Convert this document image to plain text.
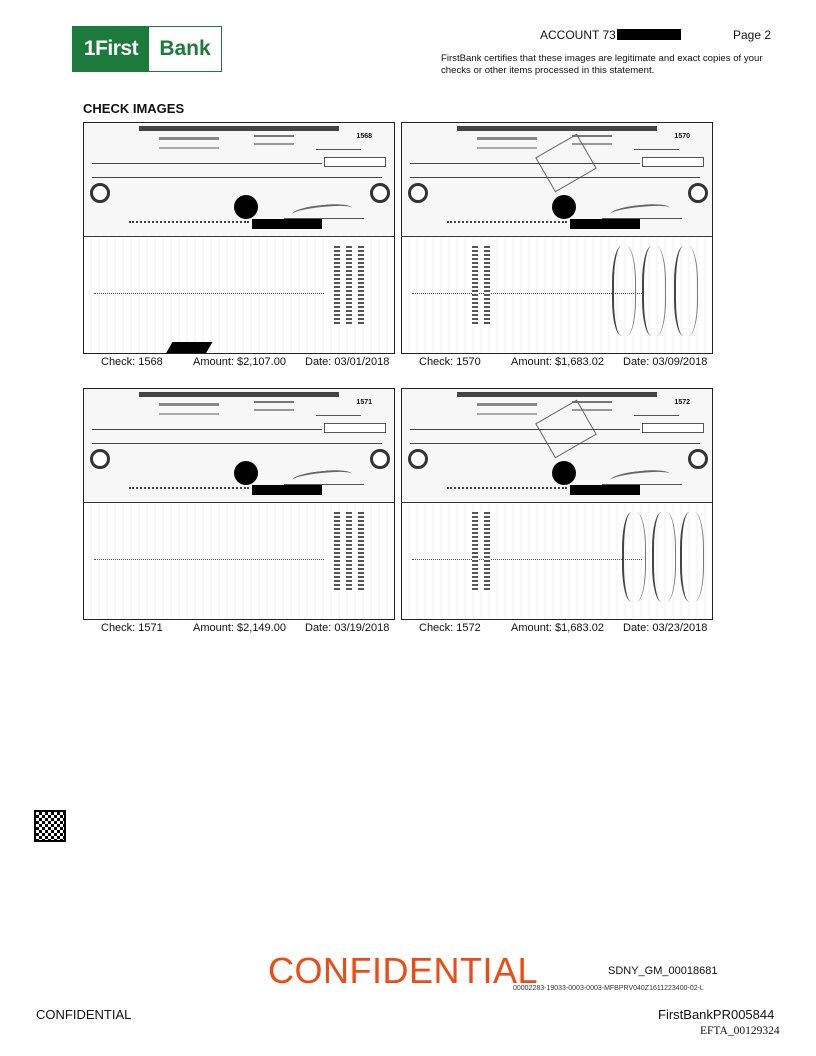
1First	Bank
ACCOUNT 73	Page 2
FirstBank certifies that these images are legitimate and exact copies of your checks or other items processed in this statement.
CHECK IMAGES
1568
Check: 1568	Amount: $2,107.00 Date: 03/01/2018
1570
Check: 1570	Amount: $1,683.02 Date: 03/09/2018
1571
Check: 1571	Amount: $2,149.00 Date: 03/19/2018
1572
Check: 1572	Amount: $1,683.02 Date: 03/23/2018
CONFIDENTIAL	SDNY_GM_00018681
00002283-19033-0003-0003-MFBPRV040Z1611223400-02-L
CONFIDENTIAL	FirstBankPR005844
EFTA_00129324
